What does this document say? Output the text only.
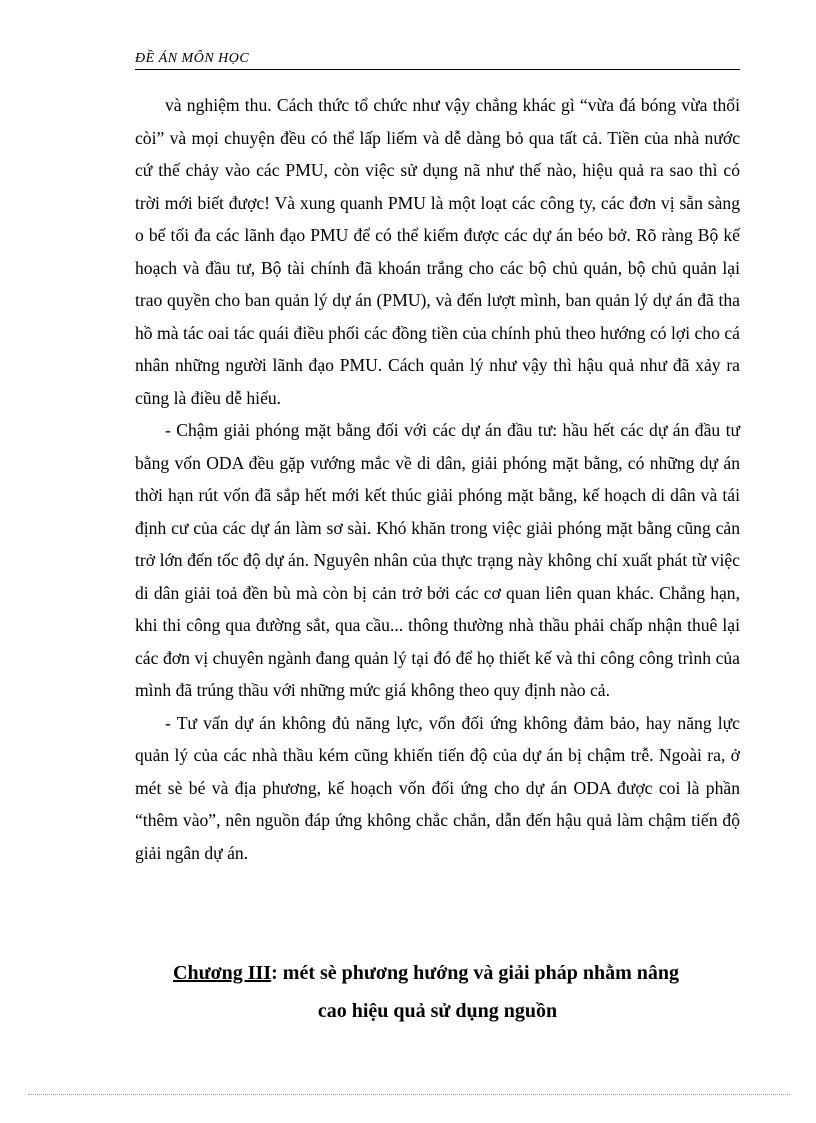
ĐỀ ÁN MÔN HỌC

và nghiệm thu. Cách thức tổ chức như vậy chẳng khác gì “vừa đá bóng vừa thổi còi” và mọi chuyện đều có thể lấp liếm và dễ dàng bỏ qua tất cả. Tiền của nhà nước cứ thế chảy vào các PMU, còn việc sử dụng nã như thế nào, hiệu quả ra sao thì có trời mới biết được! Và xung quanh PMU là một loạt các công ty, các đơn vị sẵn sàng o bế tối đa các lãnh đạo PMU để có thể kiếm được các dự án béo bở. Rõ ràng Bộ kế hoạch và đầu tư, Bộ tài chính đã khoán trắng cho các bộ chủ quản, bộ chủ quản lại trao quyền cho ban quản lý dự án (PMU), và đến lượt mình, ban quản lý dự án đã tha hồ mà tác oai tác quái điều phối các đồng tiền của chính phủ theo hướng có lợi cho cá nhân những người lãnh đạo PMU. Cách quản lý như vậy thì hậu quả như đã xảy ra cũng là điều dễ hiểu.

- Chậm giải phóng mặt bằng đối với các dự án đầu tư: hầu hết các dự án đầu tư bằng vốn ODA đều gặp vướng mắc về di dân, giải phóng mặt bằng, có những dự án thời hạn rút vốn đã sắp hết mới kết thúc giải phóng mặt bằng, kế hoạch di dân và tái định cư của các dự án làm sơ sài. Khó khăn trong việc giải phóng mặt bằng cũng cản trở lớn đến tốc độ dự án. Nguyên nhân của thực trạng này không chỉ xuất phát từ việc di dân giải toả đền bù mà còn bị cản trở bởi các cơ quan liên quan khác. Chẳng hạn, khi thi công qua đường sắt, qua cầu... thông thường nhà thầu phải chấp nhận thuê lại các đơn vị chuyên ngành đang quản lý tại đó để họ thiết kế và thi công công trình của mình đã trúng thầu với những mức giá không theo quy định nào cả.

- Tư vấn dự án không đủ năng lực, vốn đối ứng không đảm bảo, hay năng lực quản lý của các nhà thầu kém cũng khiến tiến độ của dự án bị chậm trễ. Ngoài ra, ở mét sè bé và địa phương, kế hoạch vốn đối ứng cho dự án ODA được coi là phần “thêm vào”, nên nguồn đáp ứng không chắc chắn, dẫn đến hậu quả làm chậm tiến độ giải ngân dự án.

Chương III: mét sè phương hướng và giải pháp nhằm nâng
cao hiệu quả sử dụng nguồn
